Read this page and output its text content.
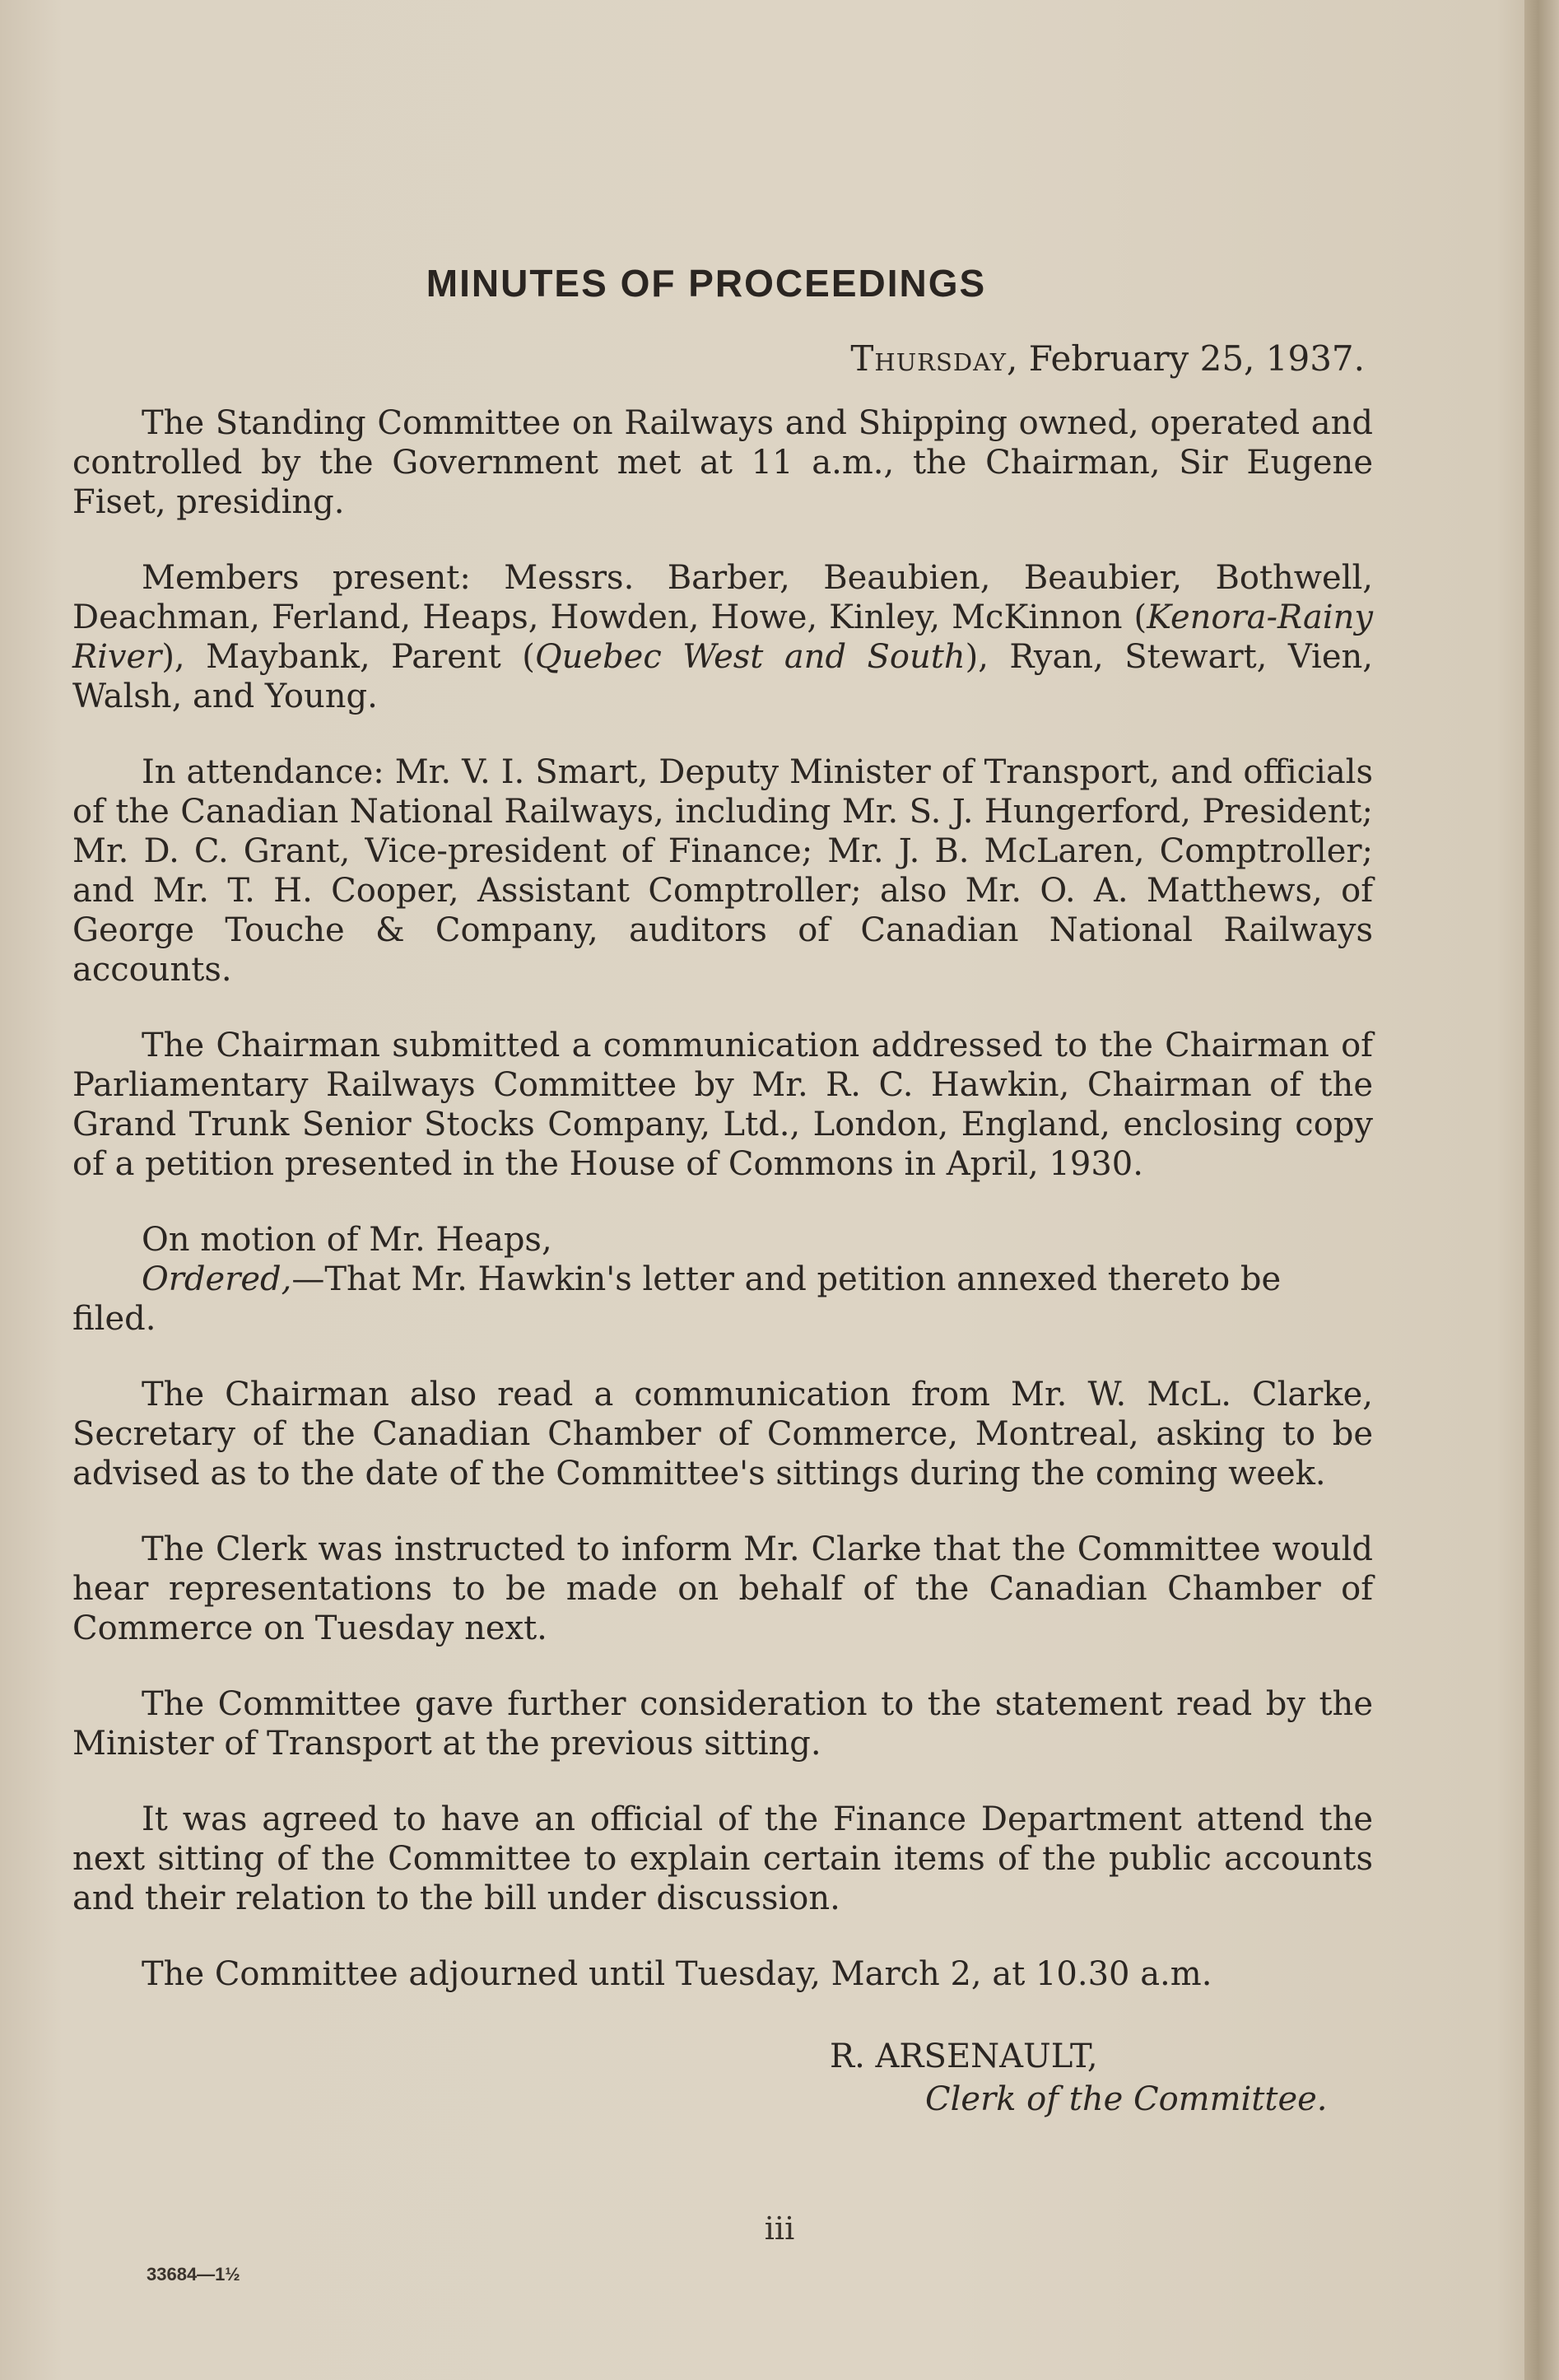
MINUTES OF PROCEEDINGS
Thursday, February 25, 1937.

The Standing Committee on Railways and Shipping owned, operated and controlled by the Government met at 11 a.m., the Chairman, Sir Eugene Fiset, presiding.

Members present: Messrs. Barber, Beaubien, Beaubier, Bothwell, Deachman, Ferland, Heaps, Howden, Howe, Kinley, McKinnon (Kenora-Rainy River), Maybank, Parent (Quebec West and South), Ryan, Stewart, Vien, Walsh, and Young.

In attendance: Mr. V. I. Smart, Deputy Minister of Transport, and officials of the Canadian National Railways, including Mr. S. J. Hungerford, President; Mr. D. C. Grant, Vice-president of Finance; Mr. J. B. McLaren, Comptroller; and Mr. T. H. Cooper, Assistant Comptroller; also Mr. O. A. Matthews, of George Touche & Company, auditors of Canadian National Railways accounts.

The Chairman submitted a communication addressed to the Chairman of Parliamentary Railways Committee by Mr. R. C. Hawkin, Chairman of the Grand Trunk Senior Stocks Company, Ltd., London, England, enclosing copy of a petition presented in the House of Commons in April, 1930.

On motion of Mr. Heaps,

Ordered,—That Mr. Hawkin's letter and petition annexed thereto be filed.

The Chairman also read a communication from Mr. W. McL. Clarke, Secretary of the Canadian Chamber of Commerce, Montreal, asking to be advised as to the date of the Committee's sittings during the coming week.

The Clerk was instructed to inform Mr. Clarke that the Committee would hear representations to be made on behalf of the Canadian Chamber of Commerce on Tuesday next.

The Committee gave further consideration to the statement read by the Minister of Transport at the previous sitting.

It was agreed to have an official of the Finance Department attend the next sitting of the Committee to explain certain items of the public accounts and their relation to the bill under discussion.

The Committee adjourned until Tuesday, March 2, at 10.30 a.m.

R. ARSENAULT,
Clerk of the Committee.
iii
33684—1½
